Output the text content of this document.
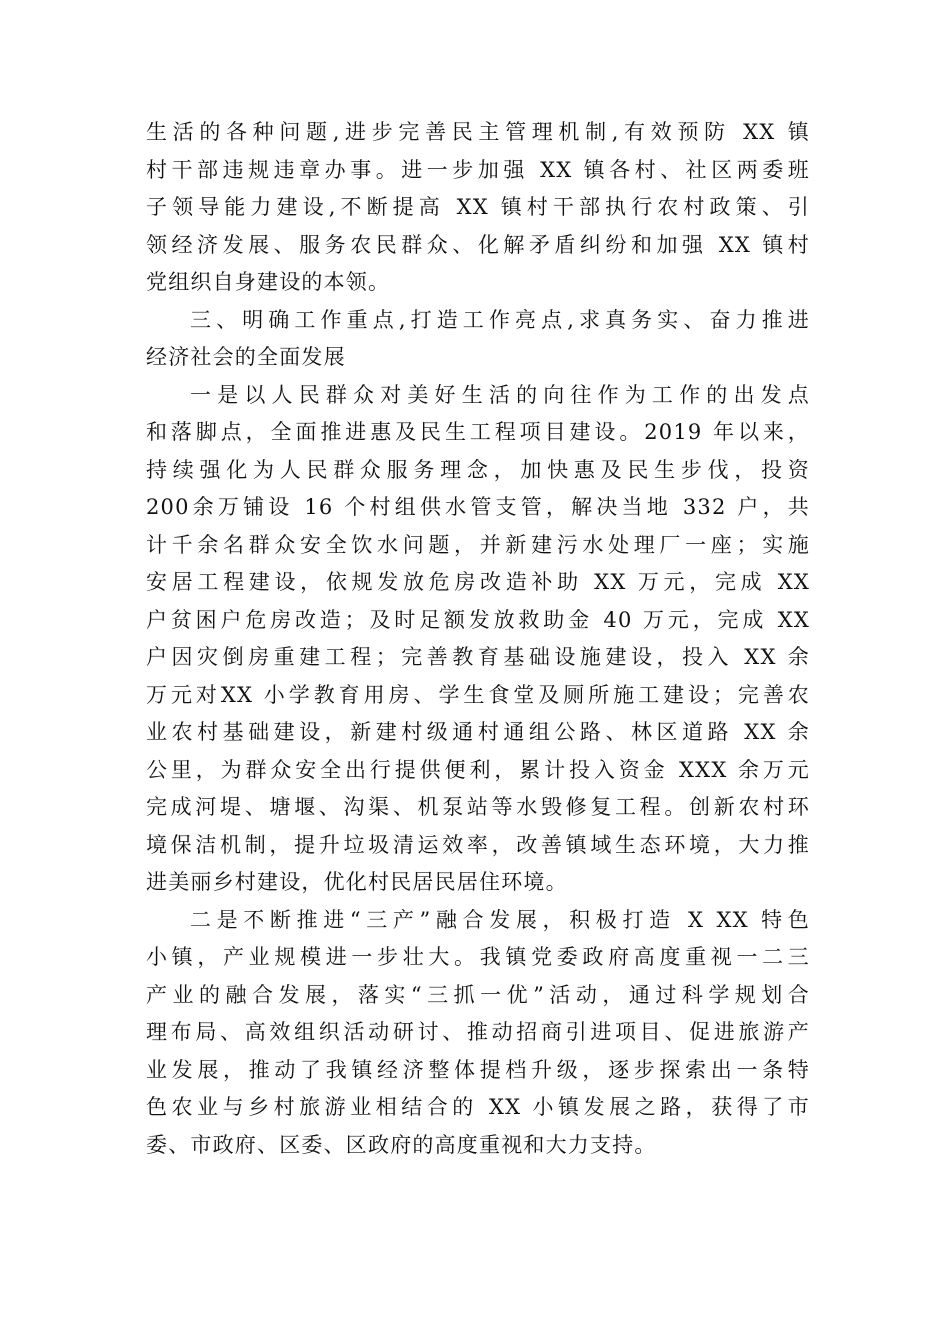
生活的各种问题,进步完善民主管理机制,有效预防 XX 镇
村干部违规违章办事。进一步加强 XX 镇各村、社区两委班
子领导能力建设,不断提高 XX 镇村干部执行农村政策、引
领经济发展、服务农民群众、化解矛盾纠纷和加强 XX 镇村
党组织自身建设的本领。
三、明确工作重点,打造工作亮点,求真务实、奋力推进
经济社会的全面发展
一是以人民群众对美好生活的向往作为工作的出发点
和落脚点，全面推进惠及民生工程项目建设。2019 年以来，
持续强化为人民群众服务理念，加快惠及民生步伐，投资
200余万铺设 16 个村组供水管支管，解决当地 332 户，共
计千余名群众安全饮水问题，并新建污水处理厂一座；实施
安居工程建设，依规发放危房改造补助 XX 万元，完成 XX
户贫困户危房改造；及时足额发放救助金 40 万元，完成 XX
户因灾倒房重建工程；完善教育基础设施建设，投入 XX 余
万元对XX 小学教育用房、学生食堂及厕所施工建设；完善农
业农村基础建设，新建村级通村通组公路、林区道路 XX 余
公里，为群众安全出行提供便利，累计投入资金 XXX 余万元
完成河堤、塘堰、沟渠、机泵站等水毁修复工程。创新农村环
境保洁机制，提升垃圾清运效率，改善镇域生态环境，大力推
进美丽乡村建设，优化村民居民居住环境。
二是不断推进“三产”融合发展，积极打造 X XX 特色
小镇，产业规模进一步壮大。我镇党委政府高度重视一二三
产业的融合发展，落实“三抓一优”活动，通过科学规划合
理布局、高效组织活动研讨、推动招商引进项目、促进旅游产
业发展，推动了我镇经济整体提档升级，逐步探索出一条特
色农业与乡村旅游业相结合的 XX 小镇发展之路，获得了市
委、市政府、区委、区政府的高度重视和大力支持。
